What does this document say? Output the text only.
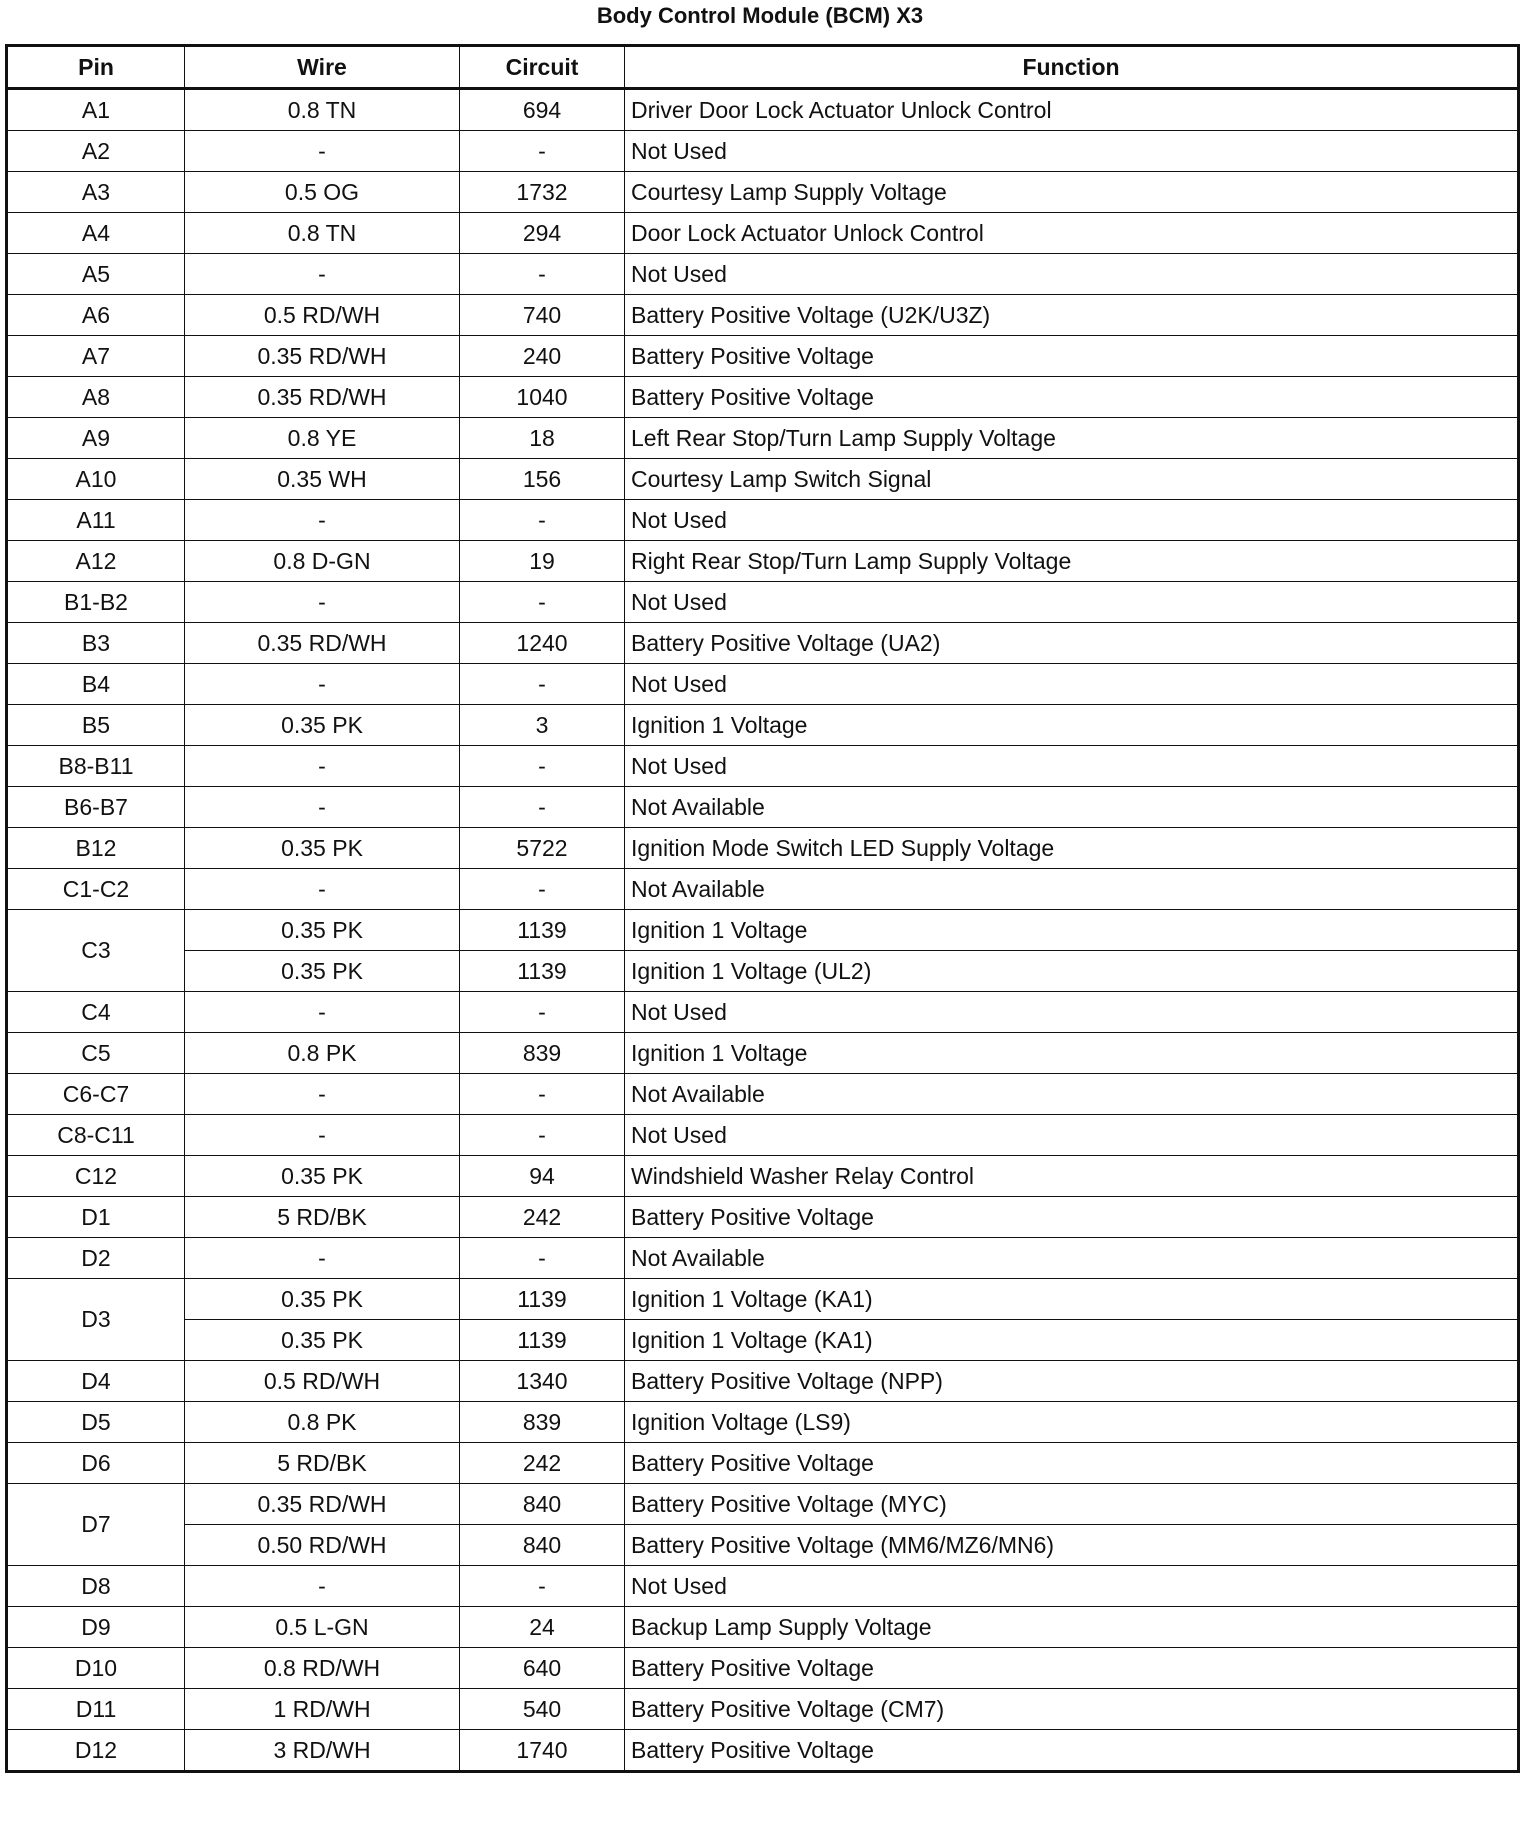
Body Control Module (BCM) X3
Pin	Wire	Circuit	Function
A1	0.8 TN	694	Driver Door Lock Actuator Unlock Control
A2	-	-	Not Used
A3	0.5 OG	1732	Courtesy Lamp Supply Voltage
A4	0.8 TN	294	Door Lock Actuator Unlock Control
A5	-	-	Not Used
A6	0.5 RD/WH	740	Battery Positive Voltage (U2K/U3Z)
A7	0.35 RD/WH	240	Battery Positive Voltage
A8	0.35 RD/WH	1040	Battery Positive Voltage
A9	0.8 YE	18	Left Rear Stop/Turn Lamp Supply Voltage
A10	0.35 WH	156	Courtesy Lamp Switch Signal
A11	-	-	Not Used
A12	0.8 D-GN	19	Right Rear Stop/Turn Lamp Supply Voltage
B1-B2	-	-	Not Used
B3	0.35 RD/WH	1240	Battery Positive Voltage (UA2)
B4	-	-	Not Used
B5	0.35 PK	3	Ignition 1 Voltage
B8-B11	-	-	Not Used
B6-B7	-	-	Not Available
B12	0.35 PK	5722	Ignition Mode Switch LED Supply Voltage
C1-C2	-	-	Not Available
C3	0.35 PK	1139	Ignition 1 Voltage
	0.35 PK	1139	Ignition 1 Voltage (UL2)
C4	-	-	Not Used
C5	0.8 PK	839	Ignition 1 Voltage
C6-C7	-	-	Not Available
C8-C11	-	-	Not Used
C12	0.35 PK	94	Windshield Washer Relay Control
D1	5 RD/BK	242	Battery Positive Voltage
D2	-	-	Not Available
D3	0.35 PK	1139	Ignition 1 Voltage (KA1)
	0.35 PK	1139	Ignition 1 Voltage (KA1)
D4	0.5 RD/WH	1340	Battery Positive Voltage (NPP)
D5	0.8 PK	839	Ignition Voltage (LS9)
D6	5 RD/BK	242	Battery Positive Voltage
D7	0.35 RD/WH	840	Battery Positive Voltage (MYC)
	0.50 RD/WH	840	Battery Positive Voltage (MM6/MZ6/MN6)
D8	-	-	Not Used
D9	0.5 L-GN	24	Backup Lamp Supply Voltage
D10	0.8 RD/WH	640	Battery Positive Voltage
D11	1 RD/WH	540	Battery Positive Voltage (CM7)
D12	3 RD/WH	1740	Battery Positive Voltage
